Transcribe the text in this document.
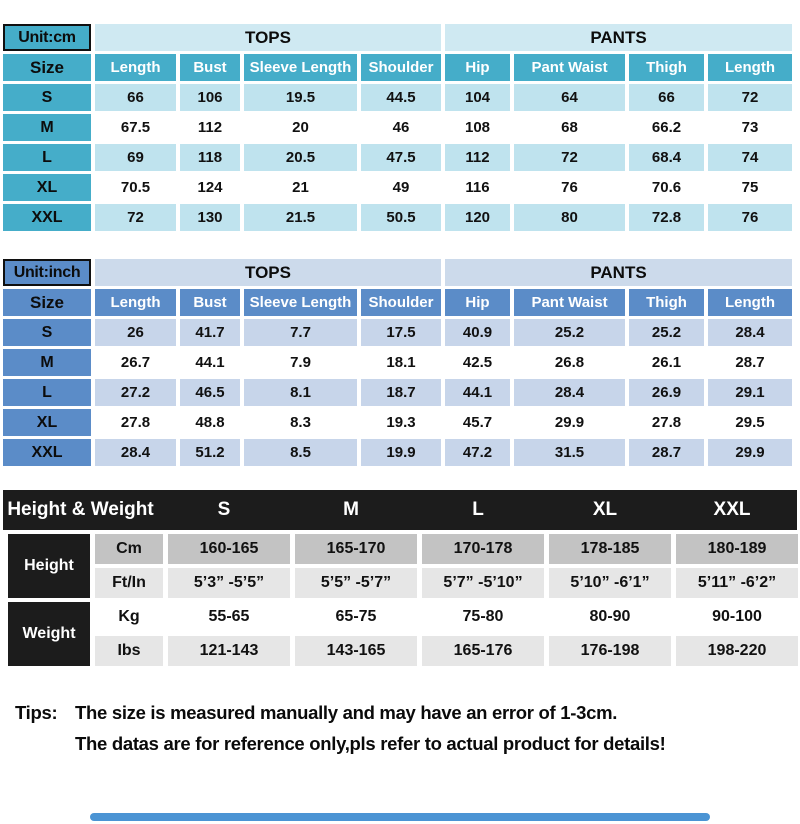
Unit:cm	TOPS	PANTS
Size	Length	Bust	Sleeve Length	Shoulder	Hip	Pant Waist	Thigh	Length
S	66	106	19.5	44.5	104	64	66	72
M	67.5	112	20	46	108	68	66.2	73
L	69	118	20.5	47.5	112	72	68.4	74
XL	70.5	124	21	49	116	76	70.6	75
XXL	72	130	21.5	50.5	120	80	72.8	76
Unit:inch	TOPS	PANTS
Size	Length	Bust	Sleeve Length	Shoulder	Hip	Pant Waist	Thigh	Length
S	26	41.7	7.7	17.5	40.9	25.2	25.2	28.4
M	26.7	44.1	7.9	18.1	42.5	26.8	26.1	28.7
L	27.2	46.5	8.1	18.7	44.1	28.4	26.9	29.1
XL	27.8	48.8	8.3	19.3	45.7	29.9	27.8	29.5
XXL	28.4	51.2	8.5	19.9	47.2	31.5	28.7	29.9
Height & Weight	S	M	L	XL	XXL
Height
Weight
Cm	160-165	165-170	170-178	178-185	180-189
Ft/In	5’3” -5’5”	5’5” -5’7”	5’7” -5’10”	5’10” -6’1”	5’11” -6’2”
Kg	55-65	65-75	75-80	80-90	90-100
Ibs	121-143	143-165	165-176	176-198	198-220
Tips: The size is measured manually and may have an error of 1-3cm.
The datas are for reference only,pls refer to actual product for details!
